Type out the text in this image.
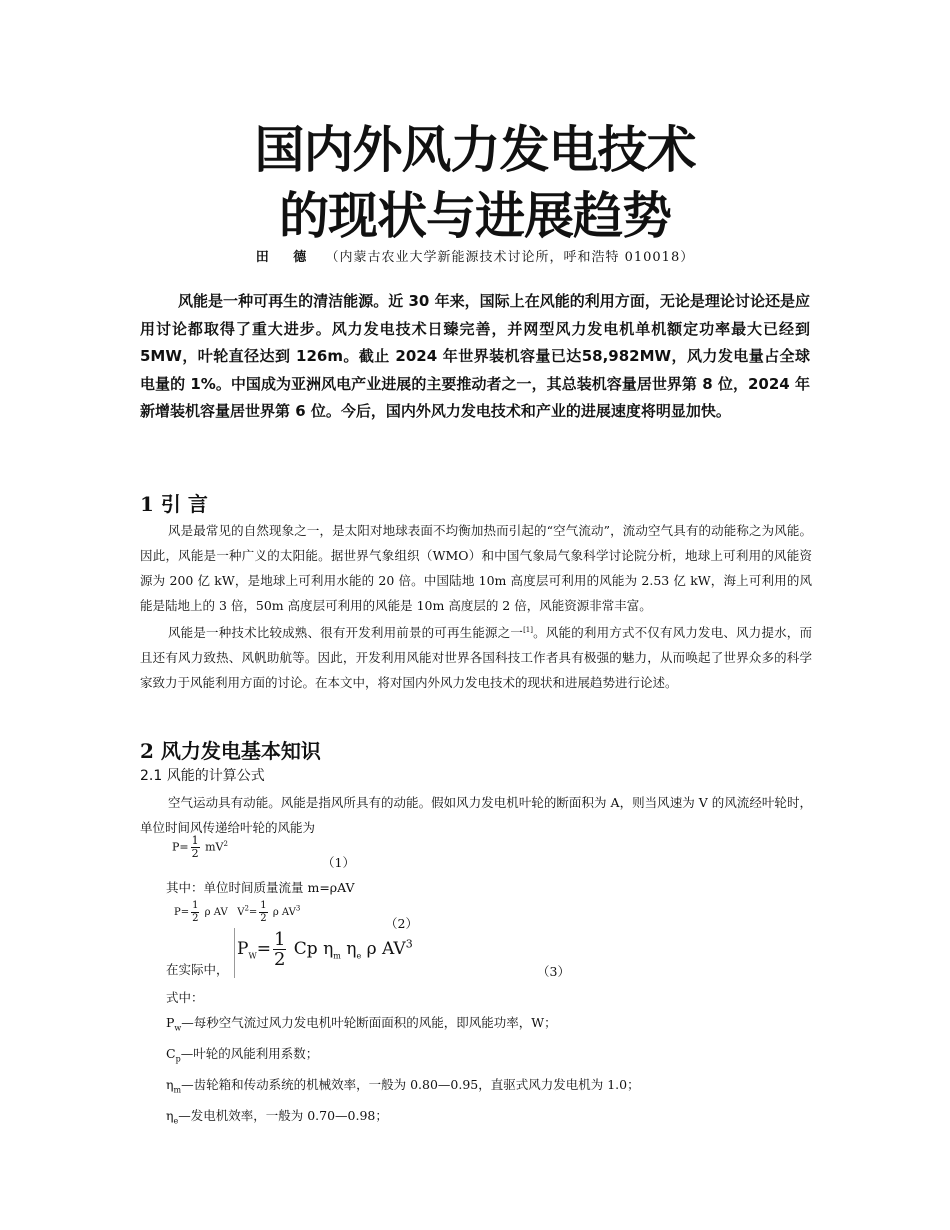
国内外风力发电技术
的现状与进展趋势
田 德 （内蒙古农业大学新能源技术讨论所，呼和浩特 010018）

风能是一种可再生的清洁能源。近 30 年来，国际上在风能的利用方面，无论是理论讨论还是应用讨论都取得了重大进步。风力发电技术日臻完善，并网型风力发电机单机额定功率最大已经到 5MW，叶轮直径达到 126m。截止 2024 年世界装机容量已达58,982MW，风力发电量占全球电量的 1%。中国成为亚洲风电产业进展的主要推动者之一，其总装机容量居世界第 8 位，2024 年新增装机容量居世界第 6 位。今后，国内外风力发电技术和产业的进展速度将明显加快。

1 引 言

风是最常见的自然现象之一，是太阳对地球表面不均衡加热而引起的“空气流动”，流动空气具有的动能称之为风能。因此，风能是一种广义的太阳能。据世界气象组织（WMO）和中国气象局气象科学讨论院分析，地球上可利用的风能资源为 200 亿 kW，是地球上可利用水能的 20 倍。中国陆地 10m 高度层可利用的风能为 2.53 亿 kW，海上可利用的风能是陆地上的 3 倍，50m 高度层可利用的风能是 10m 高度层的 2 倍，风能资源非常丰富。

风能是一种技术比较成熟、很有开发利用前景的可再生能源之一[1]。风能的利用方式不仅有风力发电、风力提水，而且还有风力致热、风帆助航等。因此，开发利用风能对世界各国科技工作者具有极强的魅力，从而唤起了世界众多的科学家致力于风能利用方面的讨论。在本文中，将对国内外风力发电技术的现状和进展趋势进行论述。

2 风力发电基本知识
2.1 风能的计算公式

空气运动具有动能。风能是指风所具有的动能。假如风力发电机叶轮的断面积为 A，则当风速为 V 的风流经叶轮时，单位时间风传递给叶轮的风能为

$P= \frac{1}{2} mV^2$
（1）
其中：单位时间质量流量 m=ρAV
$P= \frac{1}{2}$ ρ AV   $V^2= \frac{1}{2}$ ρ $AV^3$
（2）
在实际中，
$P_W= \frac{1}{2}$ Cp $\eta_m$ $\eta_e$ ρ $AV^3$
（3）
式中：
$P_w—$每秒空气流过风力发电机叶轮断面面积的风能，即风能功率，W；
$C_p—$叶轮的风能利用系数；
$\eta_m—$齿轮箱和传动系统的机械效率，一般为 0.80—0.95，直驱式风力发电机为 1.0；
$\eta_e—$发电机效率，一般为 0.70—0.98；
